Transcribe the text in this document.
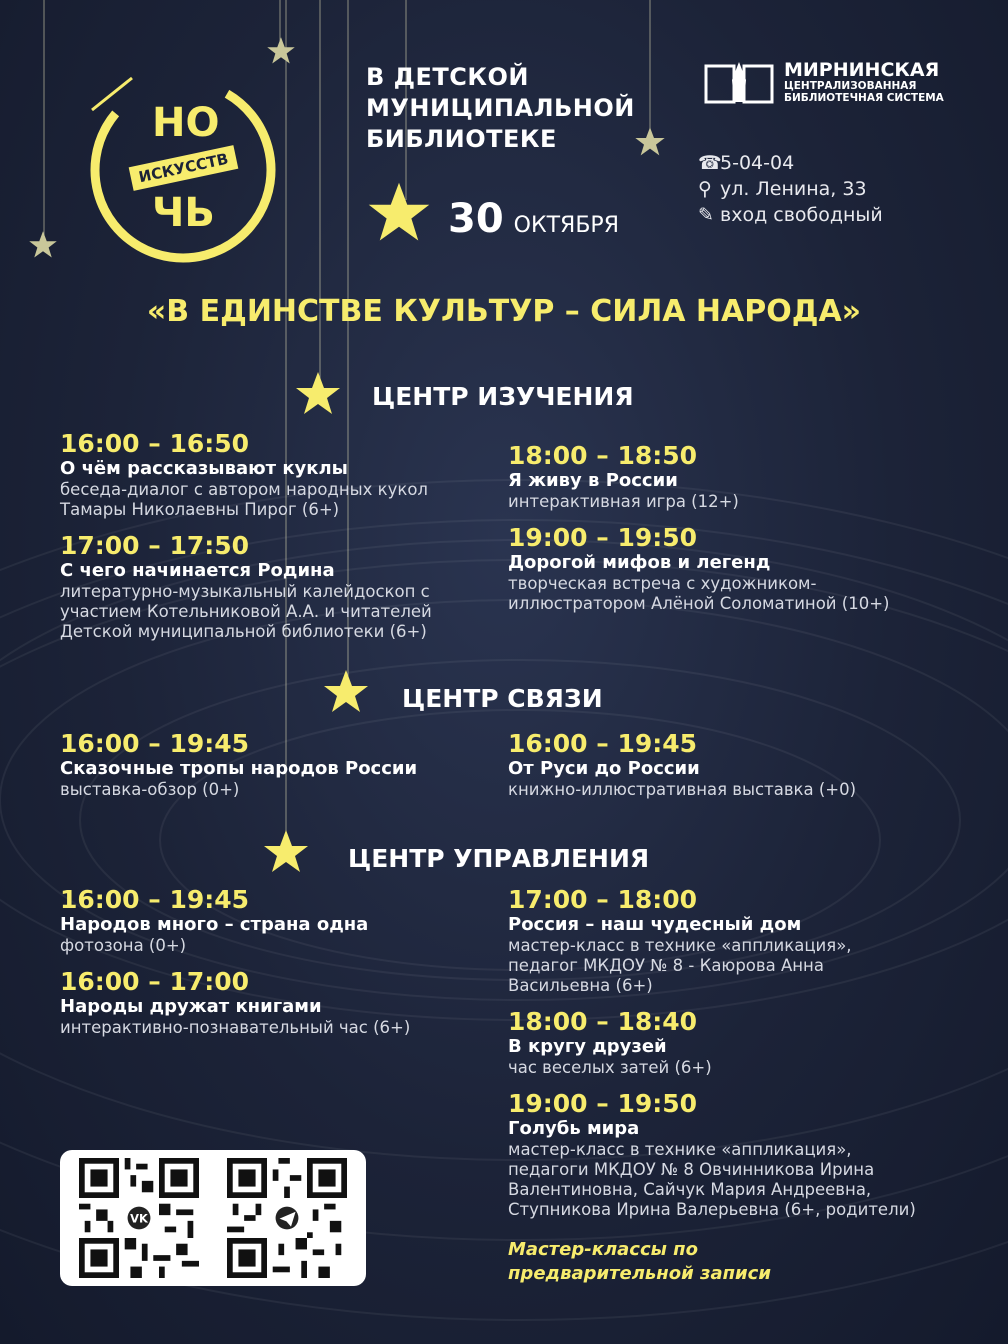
НО
ИСКУССТВ
ЧЬ
В ДЕТСКОЙ
МУНИЦИПАЛЬНОЙ
БИБЛИОТЕКЕ
30 ОКТЯБРЯ
МИРНИНСКАЯ
ЦЕНТРАЛИЗОВАННАЯ
БИБЛИОТЕЧНАЯ СИСТЕМА
☎5-04-04
⚲ ул. Ленина, 33
✎ вход свободный
«В ЕДИНСТВЕ КУЛЬТУР – СИЛА НАРОДА»
ЦЕНТР ИЗУЧЕНИЯ
16:00 – 16:50
О чём рассказывают куклы
беседа-диалог с автором народных кукол
Тамары Николаевны Пирог (6+)
17:00 – 17:50
С чего начинается Родина
литературно-музыкальный калейдоскоп с
участием Котельниковой А.А. и читателей
Детской муниципальной библиотеки (6+)
18:00 – 18:50
Я живу в России
интерактивная игра (12+)
19:00 – 19:50
Дорогой мифов и легенд
творческая встреча с художником-
иллюстратором Алёной Соломатиной (10+)
ЦЕНТР СВЯЗИ
16:00 – 19:45
Сказочные тропы народов России
выставка-обзор (0+)
16:00 – 19:45
От Руси до России
книжно-иллюстративная выставка (+0)
ЦЕНТР УПРАВЛЕНИЯ
16:00 – 19:45
Народов много – страна одна
фотозона (0+)
16:00 – 17:00
Народы дружат книгами
интерактивно-познавательный час (6+)
17:00 – 18:00
Россия – наш чудесный дом
мастер-класс в технике «аппликация»,
педагог МКДОУ № 8 - Каюрова Анна
Васильевна (6+)
18:00 – 18:40
В кругу друзей
час веселых затей (6+)
19:00 – 19:50
Голубь мира
мастер-класс в технике «аппликация»,
педагоги МКДОУ № 8 Овчинникова Ирина
Валентиновна, Сайчук Мария Андреевна,
Ступникова Ирина Валерьевна (6+, родители)
Мастер-классы по
предварительной записи
VK
